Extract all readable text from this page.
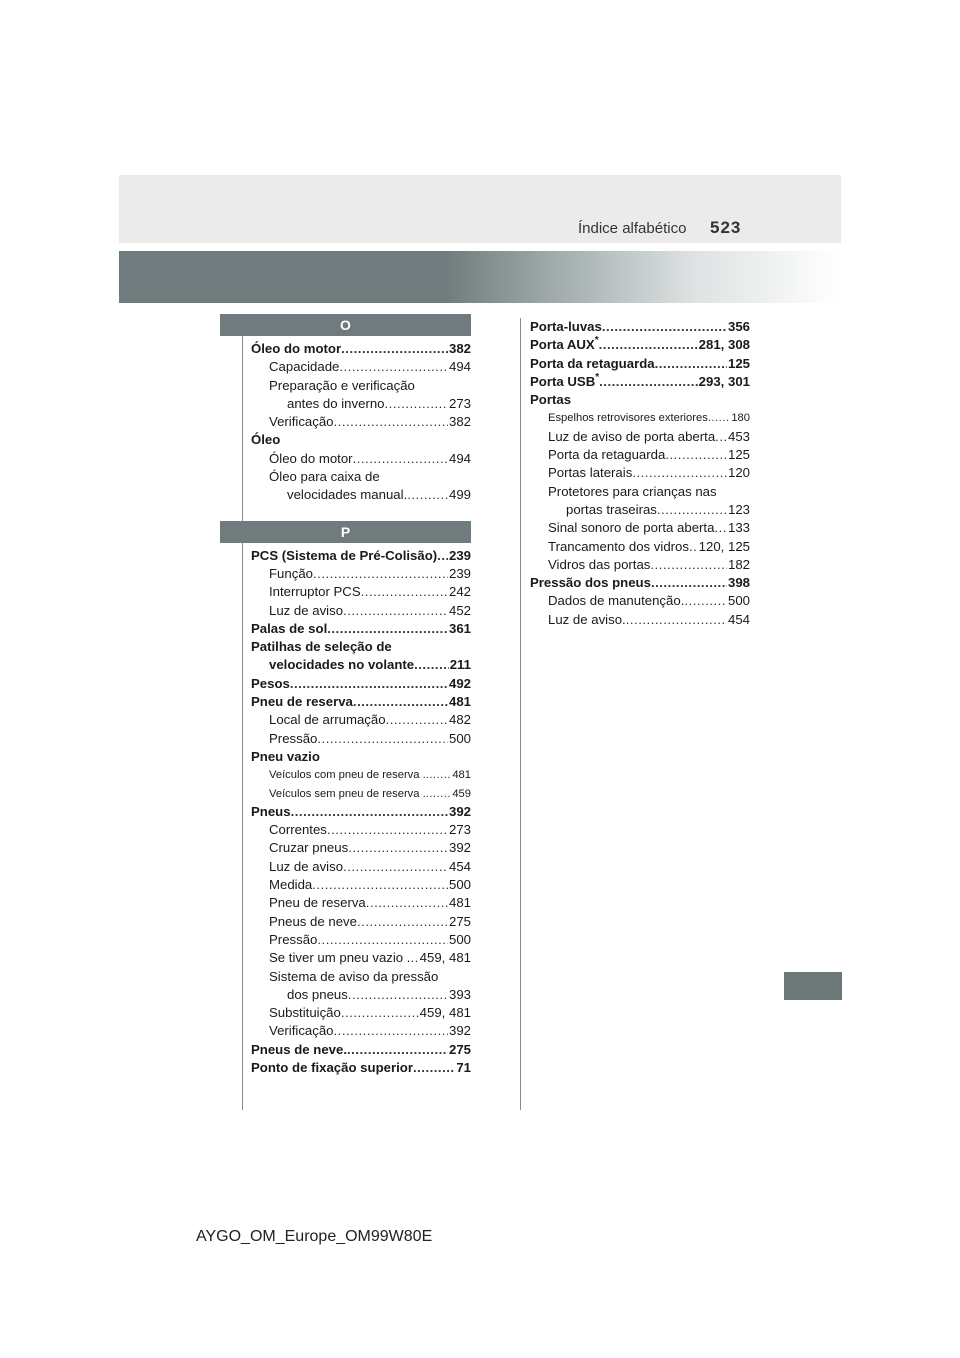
Índice alfabético 523
O
Óleo do motor .....	382
Capacidade .....	494
Preparação e verificação
antes do inverno .....	273
Verificação .....	382
Óleo
Óleo do motor .....	494
Óleo para caixa de
velocidades manual. .....	499
P
PCS (Sistema de Pré-Colisão) ..... 239
Função .....	239
Interruptor PCS .....	242
Luz de aviso .....	452
Palas de sol .....	361
Patilhas de seleção de
velocidades no volante .....	211
Pesos .....	492
Pneu de reserva .....	481
Local de arrumação .....	482
Pressão .....	500
Pneu vazio
Veículos com pneu de reserva . ..... 481
Veículos sem pneu de reserva . ..... 459
Pneus .....	392
Correntes .....	273
Cruzar pneus .....	392
Luz de aviso .....	454
Medida .....	500
Pneu de reserva .....	481
Pneus de neve .....	275
Pressão .....	500
Se tiver um pneu vazio . ..... 459, 481
Sistema de aviso da pressão
dos pneus .....	393
Substituição .....	459, 481
Verificação .....	392
Pneus de neve. .....	275
Ponto de fixação superior .....	71
Porta-luvas .....	356
Porta AUX* .....	281, 308
Porta da retaguarda .....	125
Porta USB* .....	293, 301
Portas
Espelhos retrovisores exteriores ..... 180
Luz de aviso de porta aberta ..... 453
Porta da retaguarda .....	125
Portas laterais .....	120
Protetores para crianças nas
portas traseiras .....	123
Sinal sonoro de porta aberta ..... 133
Trancamento dos vidros ..... 120, 125
Vidros das portas .....	182
Pressão dos pneus .....	398
Dados de manutenção. .....	500
Luz de aviso. .....	454
AYGO_OM_Europe_OM99W80E
